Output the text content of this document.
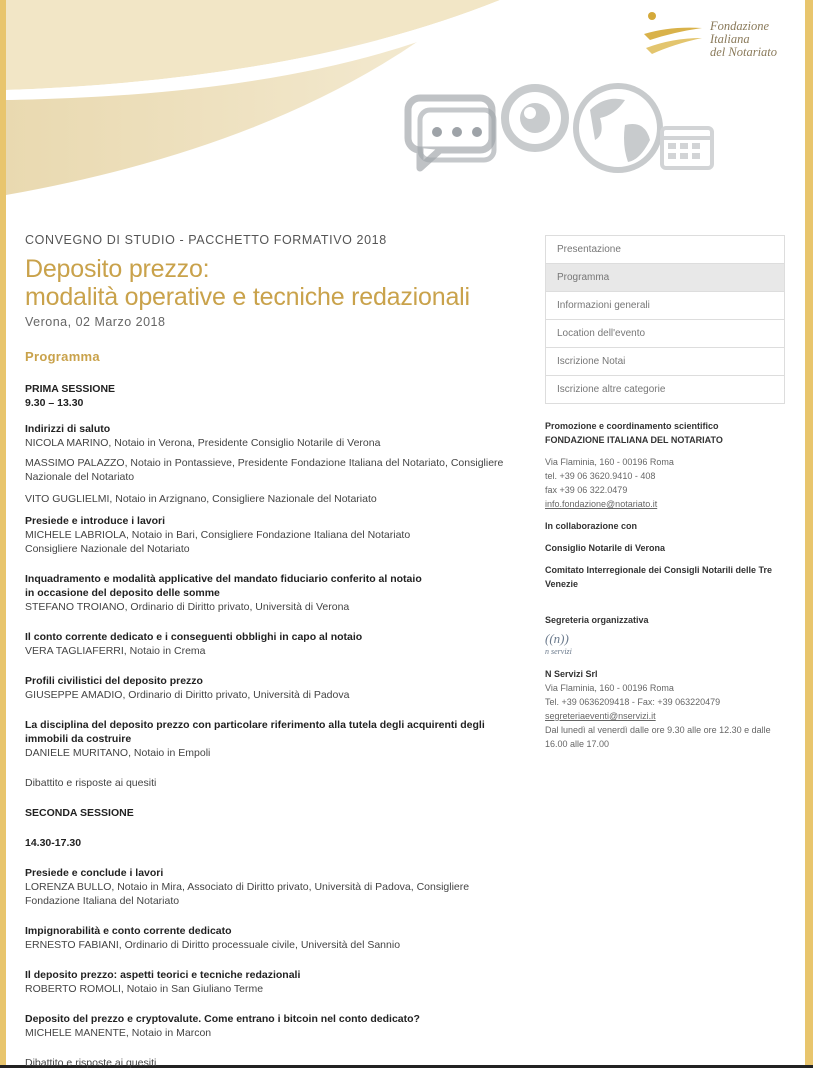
Fondazione
Italiana
del Notariato

CONVEGNO DI STUDIO - PACCHETTO FORMATIVO 2018

Deposito prezzo:
modalità operative e tecniche redazionali

Verona, 02 Marzo 2018

Programma
PRIMA SESSIONE
9.30 – 13.30
Indirizzi di saluto
NICOLA MARINO, Notaio in Verona, Presidente Consiglio Notarile di Verona
MASSIMO PALAZZO, Notaio in Pontassieve, Presidente Fondazione Italiana del Notariato, Consigliere
Nazionale del Notariato
VITO GUGLIELMI, Notaio in Arzignano, Consigliere Nazionale del Notariato
Presiede e introduce i lavori
MICHELE LABRIOLA, Notaio in Bari, Consigliere Fondazione Italiana del Notariato
Consigliere Nazionale del Notariato
Inquadramento e modalità applicative del mandato fiduciario conferito al notaio
in occasione del deposito delle somme
STEFANO TROIANO, Ordinario di Diritto privato, Università di Verona
Il conto corrente dedicato e i conseguenti obblighi in capo al notaio
VERA TAGLIAFERRI, Notaio in Crema
Profili civilistici del deposito prezzo
GIUSEPPE AMADIO, Ordinario di Diritto privato, Università di Padova
La disciplina del deposito prezzo con particolare riferimento alla tutela degli acquirenti degli
immobili da costruire
DANIELE MURITANO, Notaio in Empoli
Dibattito e risposte ai quesiti
SECONDA SESSIONE
14.30-17.30
Presiede e conclude i lavori
LORENZA BULLO, Notaio in Mira, Associato di Diritto privato, Università di Padova, Consigliere
Fondazione Italiana del Notariato
Impignorabilità e conto corrente dedicato
ERNESTO FABIANI, Ordinario di Diritto processuale civile, Università del Sannio
Il deposito prezzo: aspetti teorici e tecniche redazionali
ROBERTO ROMOLI, Notaio in San Giuliano Terme
Deposito del prezzo e cryptovalute. Come entrano i bitcoin nel conto dedicato?
MICHELE MANENTE, Notaio in Marcon
Dibattito e risposte ai quesiti
Presentazione
Programma
Informazioni generali
Location dell'evento
Iscrizione Notai
Iscrizione altre categorie
Promozione e coordinamento scientifico
FONDAZIONE ITALIANA DEL NOTARIATO
Via Flaminia, 160 - 00196 Roma
tel. +39 06 3620.9410 - 408
fax +39 06 322.0479
info.fondazione@notariato.it
In collaborazione con
Consiglio Notarile di Verona
Comitato Interregionale dei Consigli Notarili delle Tre
Venezie
Segreteria organizzativa
((n))
n servizi
N Servizi Srl
Via Flaminia, 160 - 00196 Roma
Tel. +39 0636209418 - Fax: +39 063220479
segreteriaeventi@nservizi.it
Dal lunedì al venerdì dalle ore 9.30 alle ore 12.30 e dalle
16.00 alle 17.00
